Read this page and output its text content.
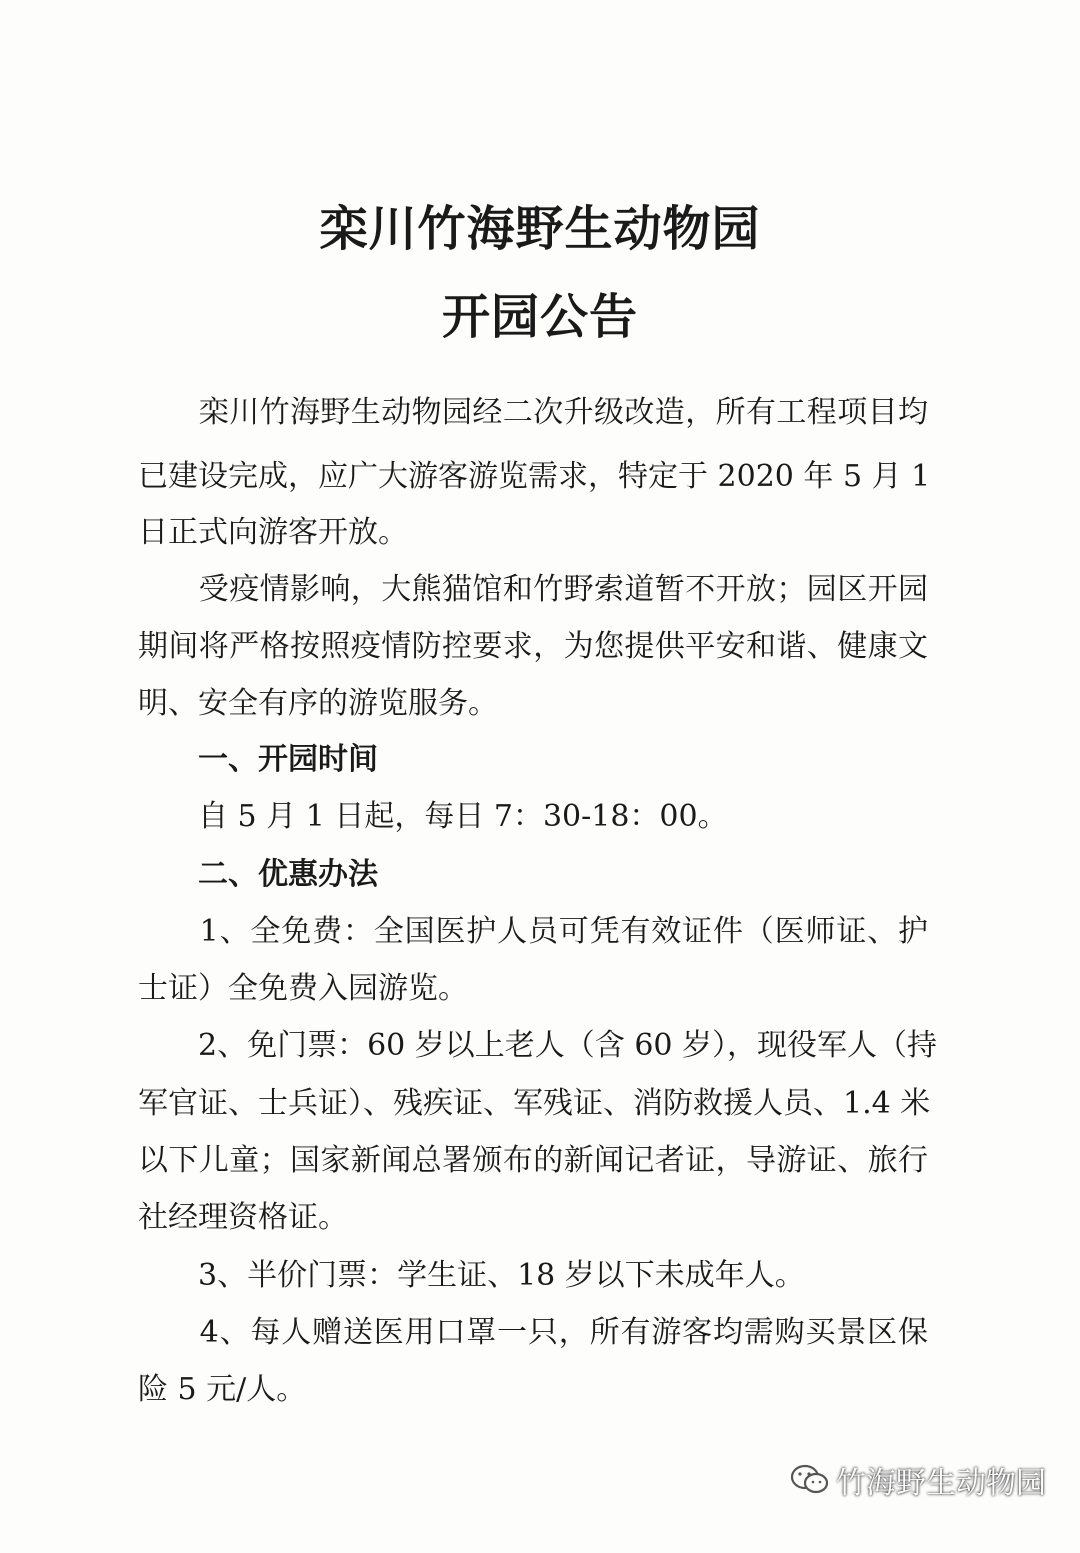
栾川竹海野生动物园
开园公告
　　栾川竹海野生动物园经二次升级改造，所有工程项目均
已建设完成，应广大游客游览需求，特定于 2020 年 5 月 1
日正式向游客开放。
　　受疫情影响，大熊猫馆和竹野索道暂不开放；园区开园
期间将严格按照疫情防控要求，为您提供平安和谐、健康文
明、安全有序的游览服务。
　　一、开园时间
　　自 5 月 1 日起，每日 7：30-18：00。
　　二、优惠办法
　　1、全免费：全国医护人员可凭有效证件（医师证、护
士证）全免费入园游览。
　　2、免门票：60 岁以上老人（含 60 岁），现役军人（持
军官证、士兵证）、残疾证、军残证、消防救援人员、1.4 米
以下儿童；国家新闻总署颁布的新闻记者证，导游证、旅行
社经理资格证。
　　3、半价门票：学生证、18 岁以下未成年人。
　　4、每人赠送医用口罩一只，所有游客均需购买景区保
险 5 元/人。
竹海野生动物园
